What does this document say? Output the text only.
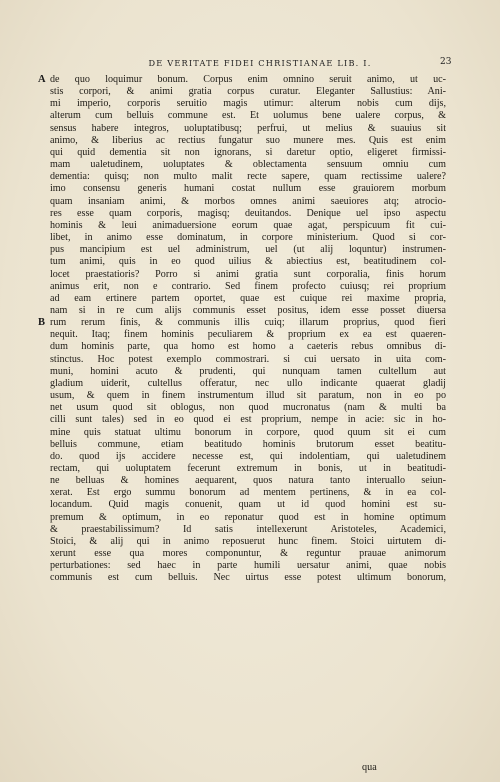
DE VERITATE FIDEI CHRISTIANAE LIB. I.	23
A
B
de quo loquimur bonum. Corpus enim omnino seruit animo, ut uc-
stis corpori, & animi gratia corpus curatur. Eleganter Sallustius: Ani-
mi imperio, corporis seruitio magis utimur: alterum nobis cum dijs,
alterum cum belluis commune est. Et uolumus bene ualere corpus, &
sensus habere integros, uoluptatibusq; perfrui, ut melius & suauius sit
animo, & liberius ac rectius fungatur suo munere mes. Quis est enim
qui quid dementia sit non ignorans, si daretur optio, eligeret firmissi-
mam ualetudinem, uoluptates & oblectamenta sensuum omniu cum
dementia: quisq; non multo malit recte sapere, quam rectissime ualere?
imo consensu generis humani costat nullum esse grauiorem morbum
quam insaniam animi, & morbos omnes animi saeuiores atq; atrocio-
res esse quam corporis, magisq; deuitandos. Denique uel ipso aspectu
hominis & leui animaduersione eorum quae agat, perspicuum fit cui-
libet, in animo esse dominatum, in corpore ministerium. Quod si cor-
pus mancipium est uel administrum, uel (ut alij loquntur) instrumen-
tum animi, quis in eo quod uilius & abiectius est, beatitudinem col-
locet praestatioris? Porro si animi gratia sunt corporalia, finis horum
animus erit, non e contrario. Sed finem profecto cuiusq; rei proprium
ad eam ertinere partem oportet, quae est cuique rei maxime propria,
nam si in re cum alijs communis esset positus, idem esse posset diuersa
rum rerum finis, & communis illis cuiq; illarum proprius, quod fieri
nequit. Itaq; finem hominis peculiarem & proprium ex ea est quaeren-
dum hominis parte, qua homo est homo a caeteris rebus omnibus di-
stinctus. Hoc potest exemplo commostrari. si cui uersato in uita com-
muni, homini acuto & prudenti, qui nunquam tamen cultellum aut
gladium uiderit, cultellus offeratur, nec ullo indicante quaerat gladij
usum, & quem in finem instrumentum illud sit paratum, non in eo po
net usum quod sit oblogus, non quod mucronatus (nam & multi ba
cilli sunt tales) sed in eo quod ei est proprium, nempe in acie: sic in ho-
mine quis statuat ultimu bonorum in corpore, quod quum sit ei cum
belluis commune, etiam beatitudo hominis brutorum esset beatitu-
do. quod ijs accidere necesse est, qui indolentiam, qui ualetudinem
rectam, qui uoluptatem fecerunt extremum in bonis, ut in beatitudi-
ne belluas & homines aequarent, quos natura tanto interuallo seiun-
xerat. Est ergo summu bonorum ad mentem pertinens, & in ea col-
locandum. Quid magis conuenit, quam ut id quod homini est su-
premum & optimum, in eo reponatur quod est in homine optimum
& praestabilissimum? Id satis intellexerunt Aristoteles, Academici,
Stoici, & alij qui in animo reposuerut hunc finem. Stoici uirtutem di-
xerunt esse qua mores componuntur, & reguntur prauae animorum
perturbationes: sed haec in parte humili uersatur animi, quae nobis
communis est cum belluis. Nec uirtus esse potest ultimum bonorum,
qua
